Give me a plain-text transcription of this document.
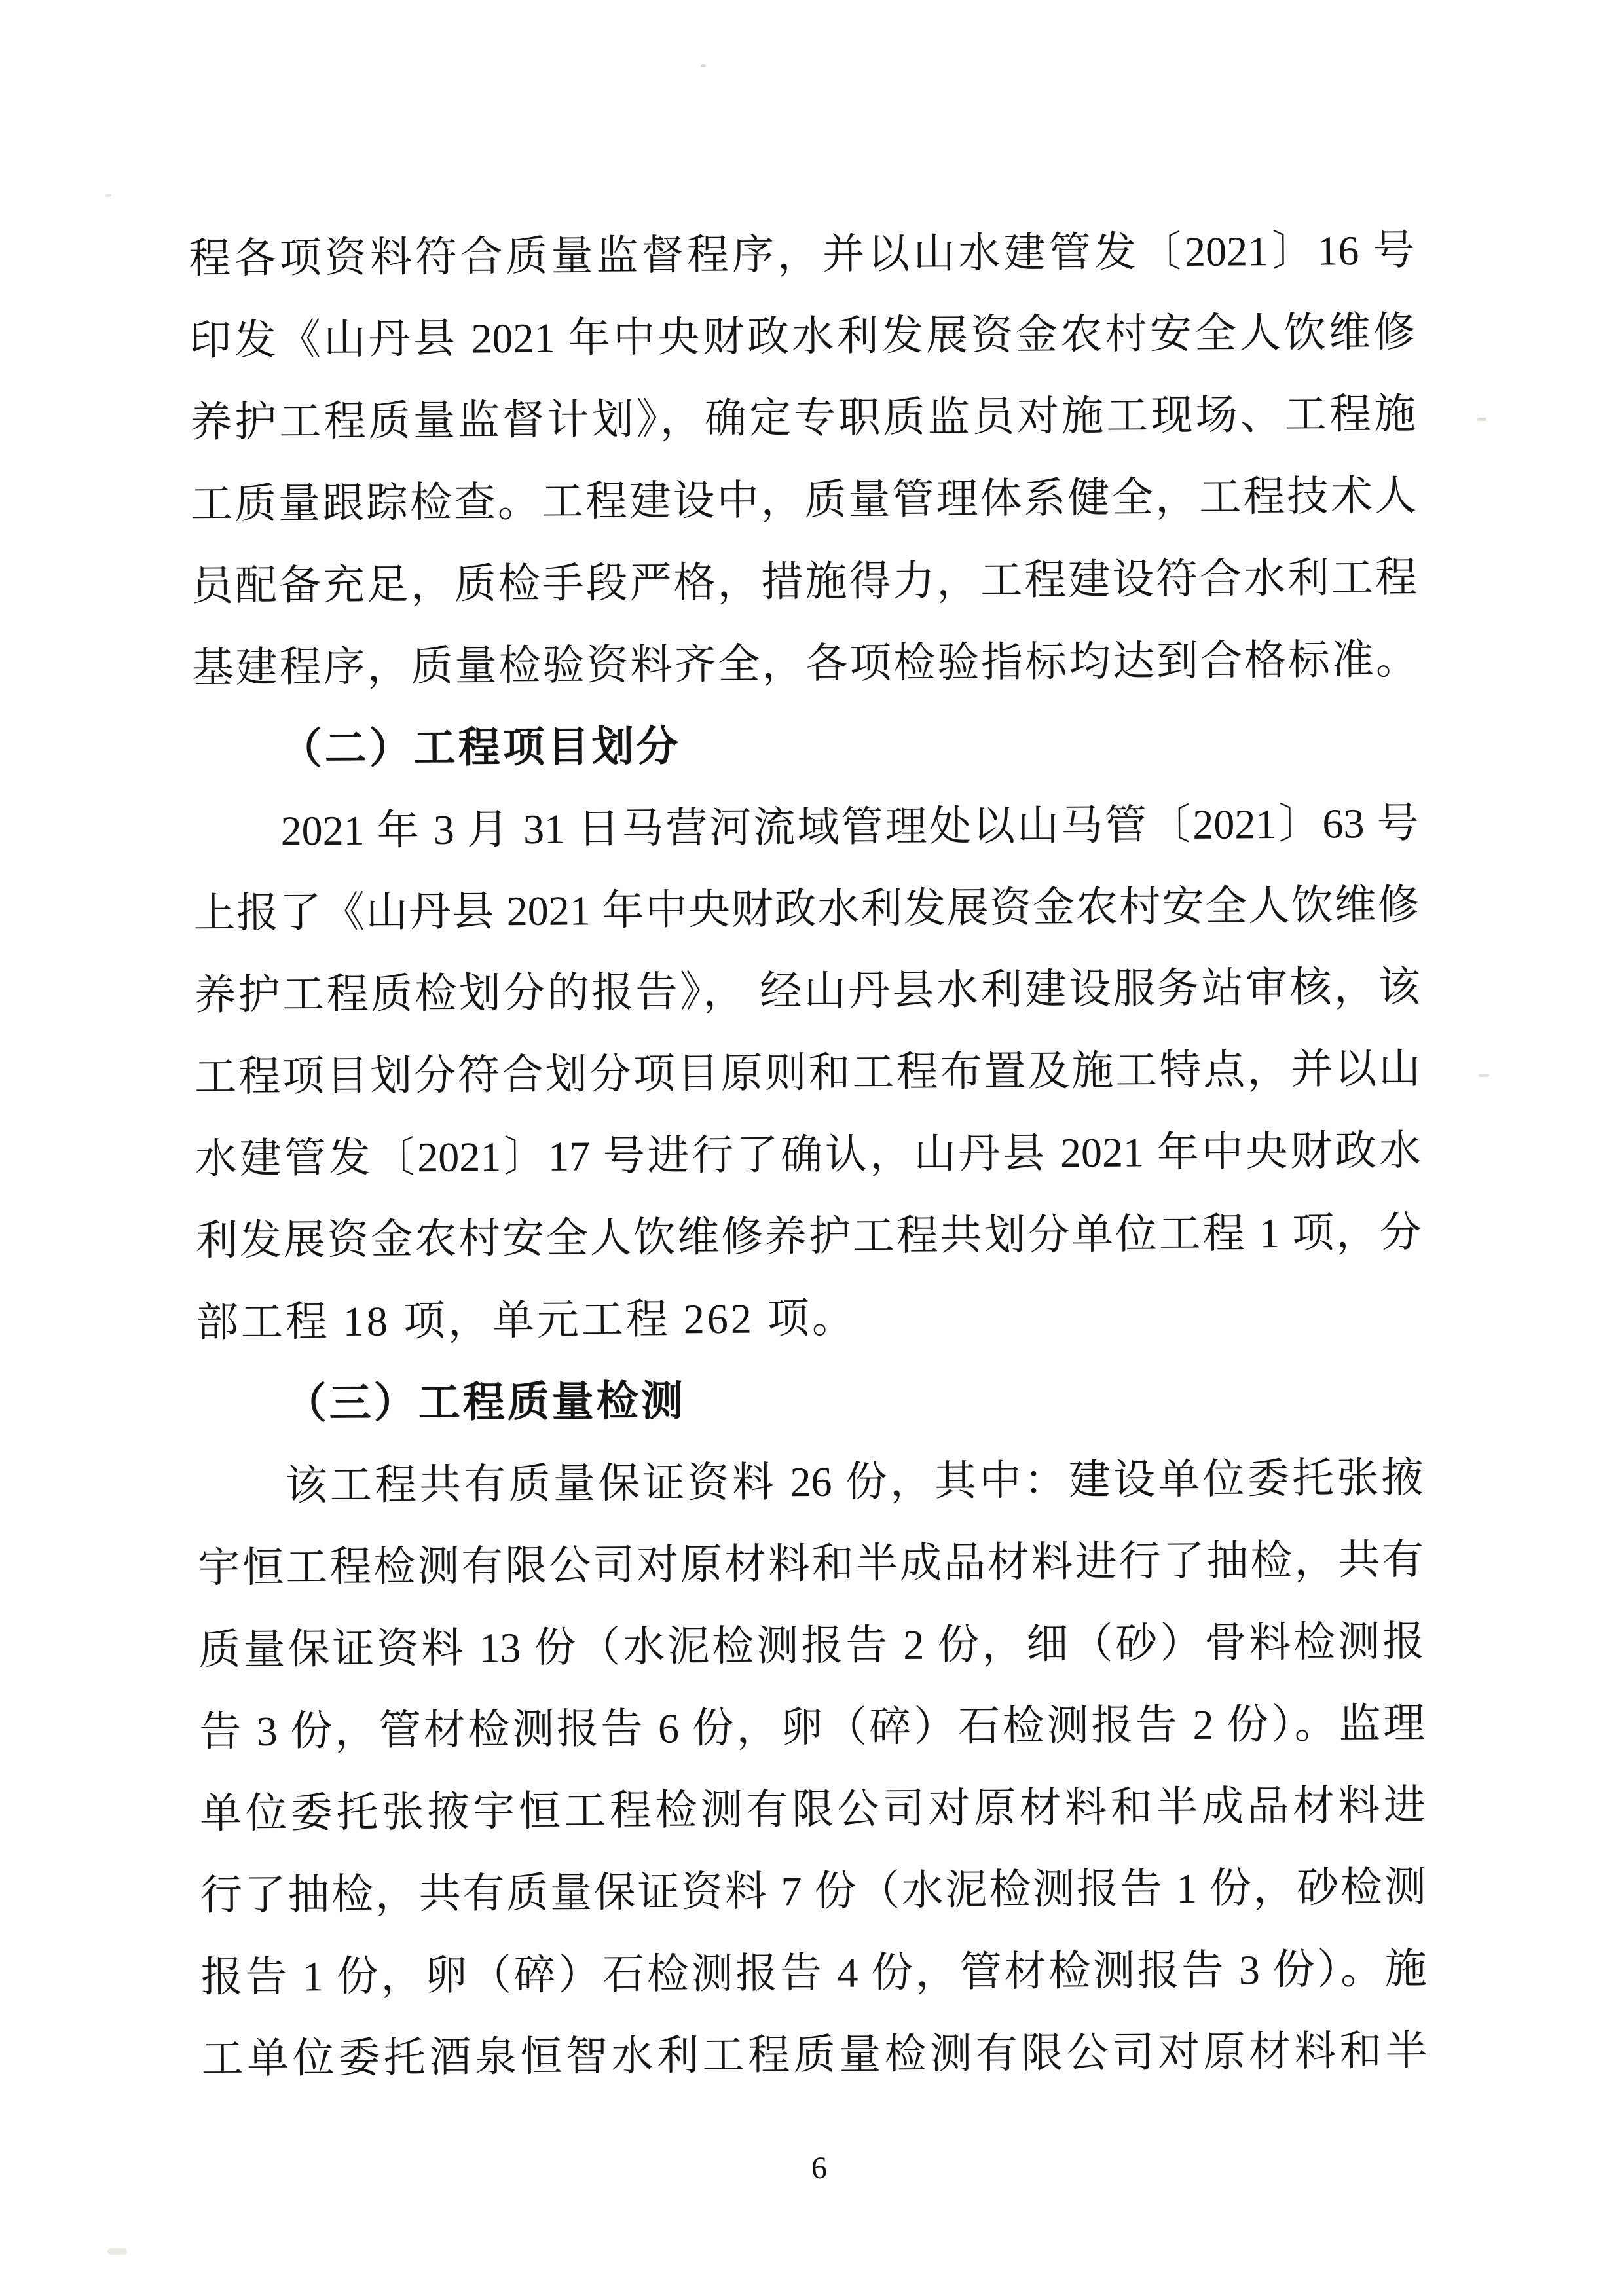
程各项资料符合质量监督程序，并以山水建管发〔2021〕16 号
印发《山丹县 2021 年中央财政水利发展资金农村安全人饮维修
养护工程质量监督计划》，确定专职质监员对施工现场、工程施
工质量跟踪检查。工程建设中，质量管理体系健全，工程技术人
员配备充足，质检手段严格，措施得力，工程建设符合水利工程
基建程序，质量检验资料齐全，各项检验指标均达到合格标准。
（二）工程项目划分
2021 年 3 月 31 日马营河流域管理处以山马管〔2021〕63 号
上报了《山丹县 2021 年中央财政水利发展资金农村安全人饮维修
养护工程质检划分的报告》， 经山丹县水利建设服务站审核，该
工程项目划分符合划分项目原则和工程布置及施工特点，并以山
水建管发〔2021〕17 号进行了确认，山丹县 2021 年中央财政水
利发展资金农村安全人饮维修养护工程共划分单位工程 1 项，分
部工程 18 项，单元工程 262 项。
（三）工程质量检测
该工程共有质量保证资料 26 份，其中：建设单位委托张掖
宇恒工程检测有限公司对原材料和半成品材料进行了抽检，共有
质量保证资料 13 份（水泥检测报告 2 份，细（砂）骨料检测报
告 3 份，管材检测报告 6 份，卵（碎）石检测报告 2 份）。监理
单位委托张掖宇恒工程检测有限公司对原材料和半成品材料进
行了抽检，共有质量保证资料 7 份（水泥检测报告 1 份，砂检测
报告 1 份，卵（碎）石检测报告 4 份，管材检测报告 3 份）。施
工单位委托酒泉恒智水利工程质量检测有限公司对原材料和半
6
